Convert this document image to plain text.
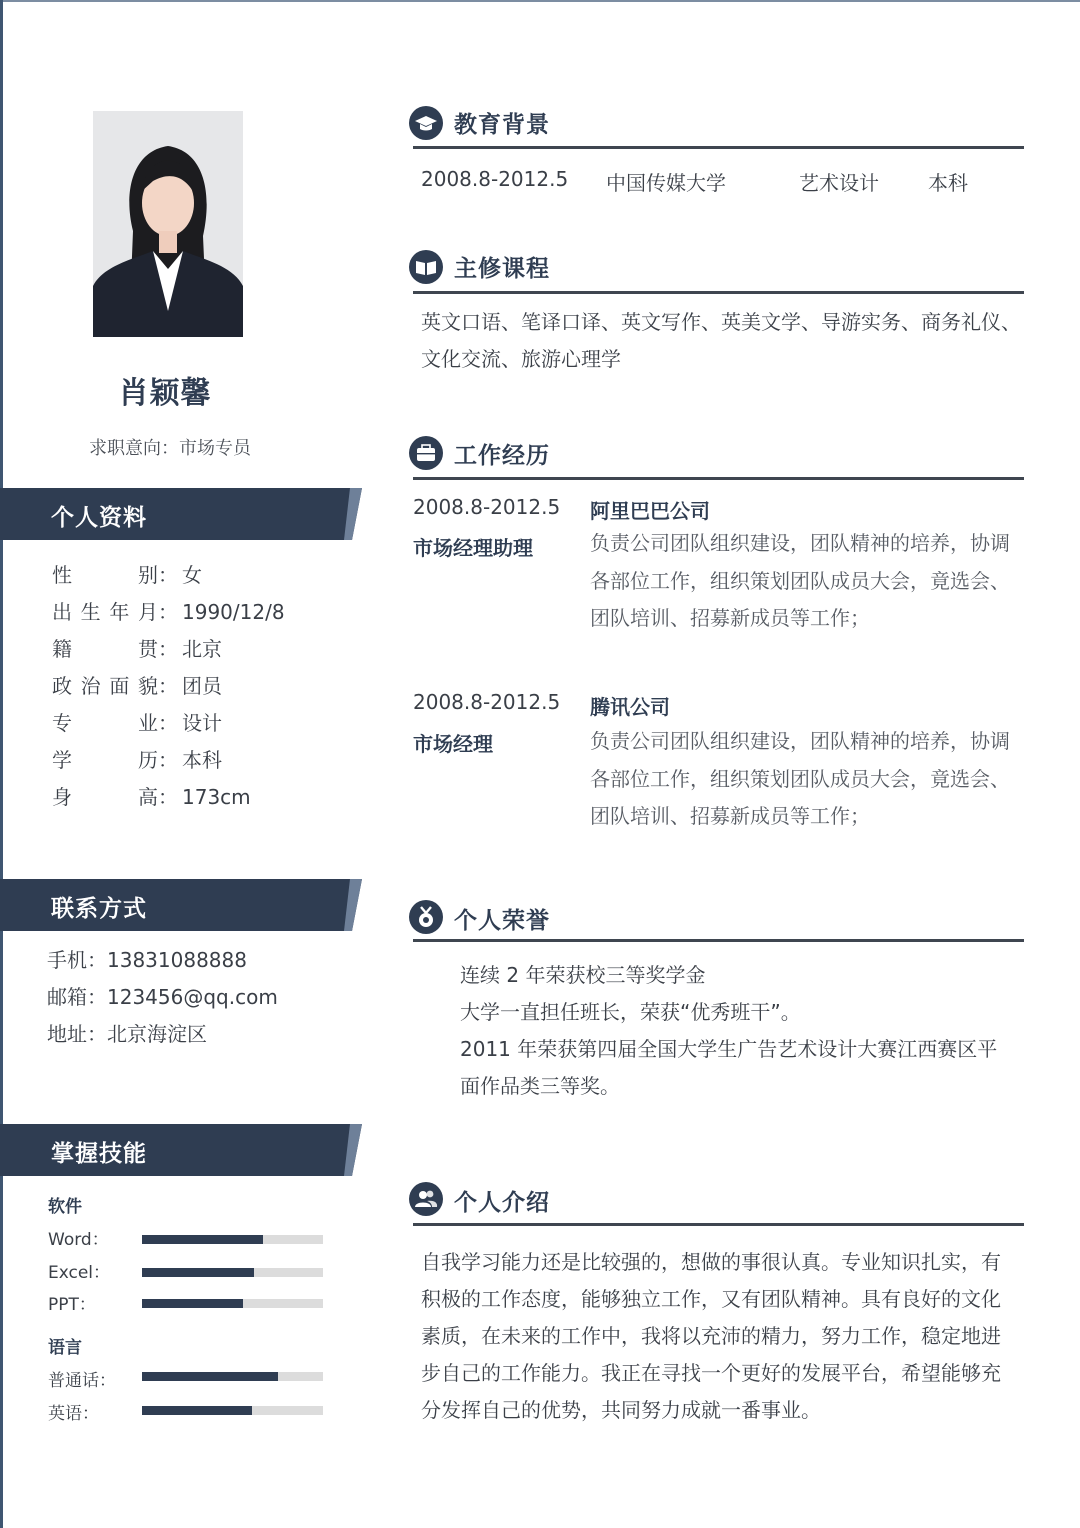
肖颖馨
求职意向：市场专员
个人资料
性别： 女
出生年月： 1990/12/8
籍贯： 北京
政治面貌： 团员
专业： 设计
学历： 本科
身高： 173cm
联系方式
手机：13831088888
邮箱：123456@qq.com
地址：北京海淀区
掌握技能
软件
Word：
Excel：
PPT：
语言
普通话：
英语：
教育背景
2008.8-2012.5 中国传媒大学	艺术设计 本科
主修课程
英文口语、笔译口译、英文写作、英美文学、导游实务、商务礼仪、
文化交流、旅游心理学
工作经历
2008.8-2012.5 阿里巴巴公司
市场经理助理	负责公司团队组织建设，团队精神的培养，协调
各部位工作，组织策划团队成员大会，竟选会、
团队培训、招募新成员等工作；
2008.8-2012.5 腾讯公司
市场经理	负责公司团队组织建设，团队精神的培养，协调
各部位工作，组织策划团队成员大会，竟选会、
团队培训、招募新成员等工作；
个人荣誉
连续 2 年荣获校三等奖学金
大学一直担任班长，荣获“优秀班干”。
2011 年荣获第四届全国大学生广告艺术设计大赛江西赛区平
面作品类三等奖。
个人介绍
自我学习能力还是比较强的，想做的事很认真。专业知识扎实，有
积极的工作态度，能够独立工作，又有团队精神。具有良好的文化
素质，在未来的工作中，我将以充沛的精力，努力工作，稳定地进
步自己的工作能力。我正在寻找一个更好的发展平台，希望能够充
分发挥自己的优势，共同努力成就一番事业。
